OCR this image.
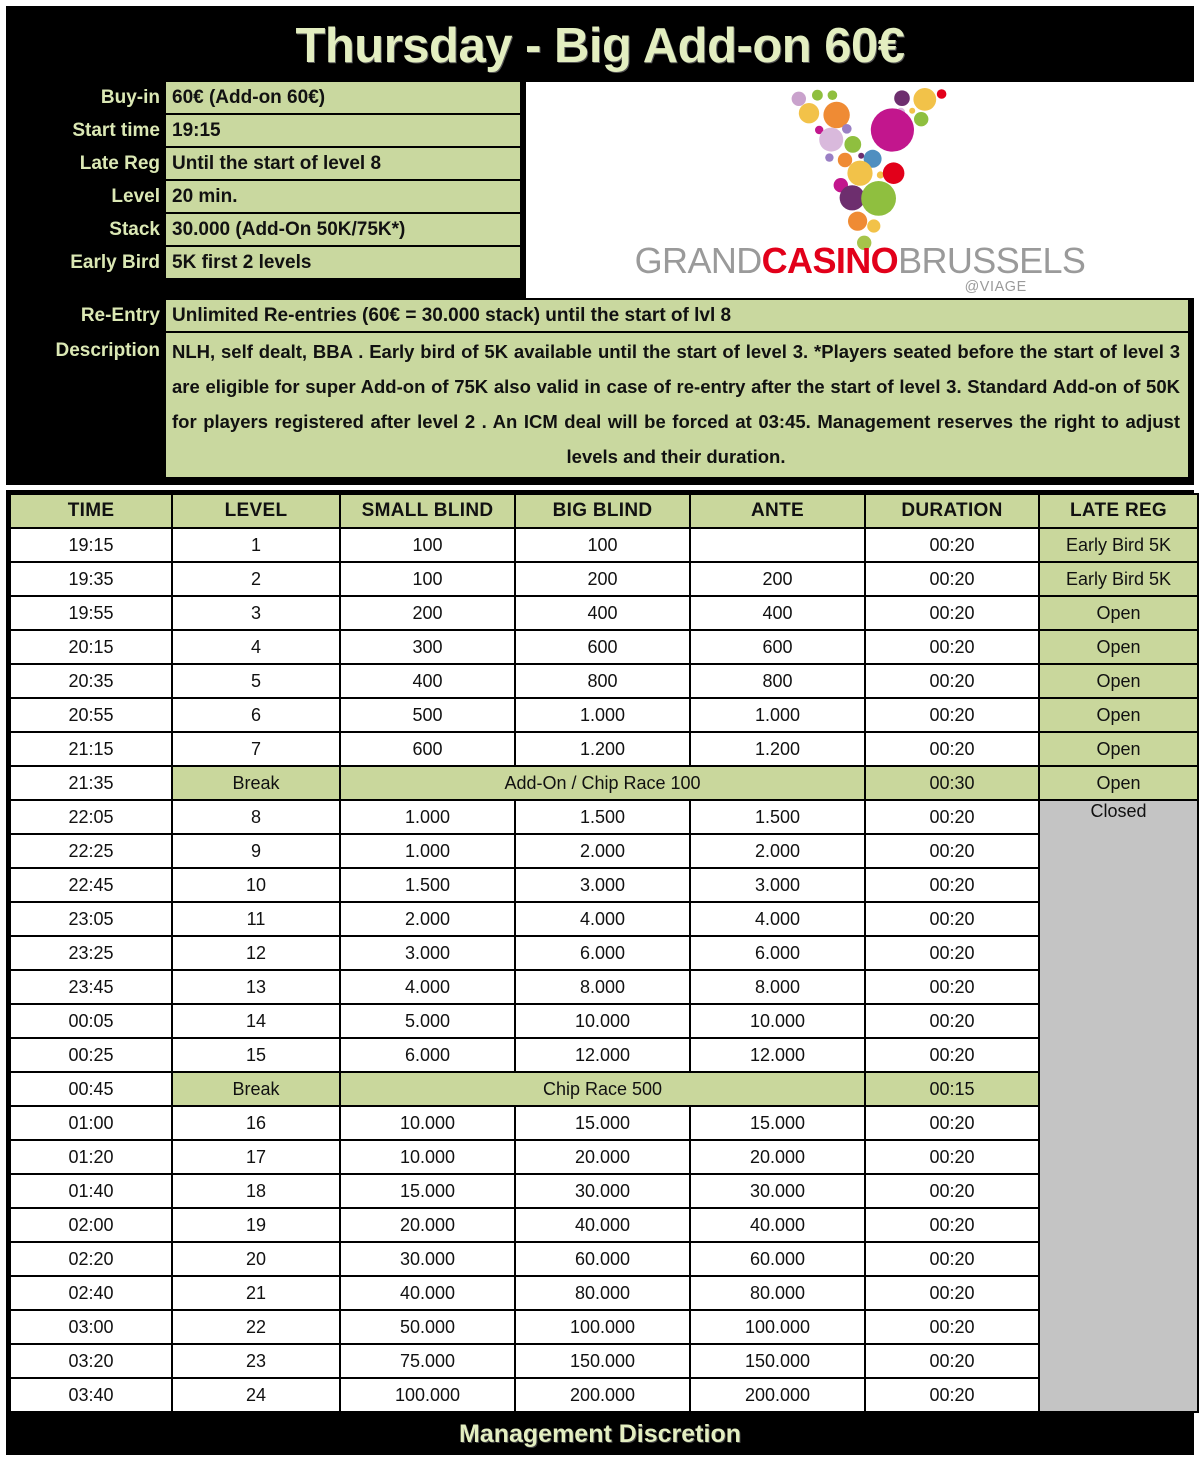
Thursday - Big Add-on 60€
Buy-in 60€ (Add-on 60€)
Start time 19:15
Late Reg Until the start of level 8
Level 20 min.
Stack 30.000 (Add-On 50K/75K*)
Early Bird 5K first 2 levels	GRANDCASINOBRUSSELS
@VIAGE
Re-Entry Unlimited Re-entries (60€ = 30.000 stack) until the start of lvl 8
Description NLH, self dealt, BBA . Early bird of 5K available until the start of level 3. *Players seated before the start of level 3 are eligible for super Add-on of 75K also valid in case of re-entry after the start of level 3. Standard Add-on of 50K for players registered after level 2 . An ICM deal will be forced at 03:45. Management reserves the right to adjust levels and their duration.
TIME	LEVEL	SMALL BLIND	BIG BLIND	ANTE	DURATION	LATE REG
19:15	1	100	100		00:20	Early Bird 5K
19:35	2	100	200	200	00:20	Early Bird 5K
19:55	3	200	400	400	00:20	Open
20:15	4	300	600	600	00:20	Open
20:35	5	400	800	800	00:20	Open
20:55	6	500	1.000	1.000	00:20	Open
21:15	7	600	1.200	1.200	00:20	Open
21:35	Break	Add-On / Chip Race 100			00:30	Open
22:05	8	1.000	1.500	1.500	00:20	Closed
22:25	9	1.000	2.000	2.000	00:20	
22:45	10	1.500	3.000	3.000	00:20	
23:05	11	2.000	4.000	4.000	00:20	
23:25	12	3.000	6.000	6.000	00:20	
23:45	13	4.000	8.000	8.000	00:20	
00:05	14	5.000	10.000	10.000	00:20	
00:25	15	6.000	12.000	12.000	00:20	
00:45	Break	Chip Race 500			00:15	
01:00	16	10.000	15.000	15.000	00:20	
01:20	17	10.000	20.000	20.000	00:20	
01:40	18	15.000	30.000	30.000	00:20	
02:00	19	20.000	40.000	40.000	00:20	
02:20	20	30.000	60.000	60.000	00:20	
02:40	21	40.000	80.000	80.000	00:20	
03:00	22	50.000	100.000	100.000	00:20	
03:20	23	75.000	150.000	150.000	00:20	
03:40	24	100.000	200.000	200.000	00:20	
Management Discretion
